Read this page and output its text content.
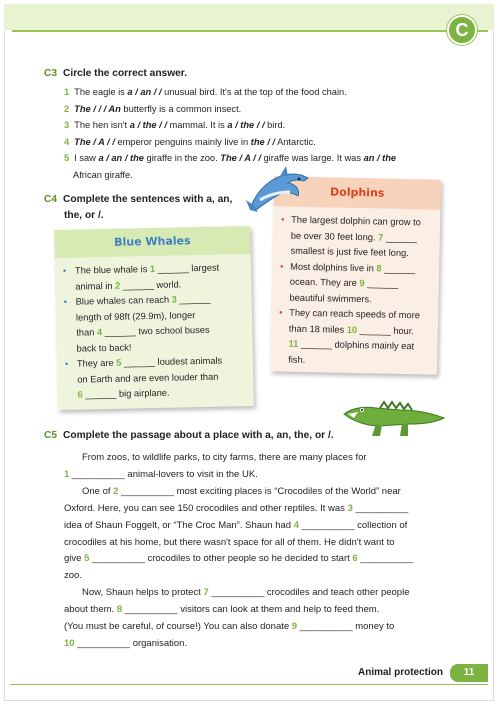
C
C3 Circle the correct answer.
1 The eagle is a / an / / unusual bird. It's at the top of the food chain.
2 The / / / An butterfly is a common insect.
3 The hen isn't a / the / / mammal. It is a / the / / bird.
4 The / A / / emperor penguins mainly live in the / / Antarctic.
5 I saw a / an / the giraffe in the zoo. The / A / / giraffe was large. It was an / the
African giraffe.
C4 Complete the sentences with a, an,
the, or /.
Blue Whales
• The blue whale is 1 ______ largest
animal in 2 ______ world.
• Blue whales can reach 3 ______
length of 98ft (29.9m), longer
than 4 ______ two school buses
back to back!
• They are 5 ______ loudest animals
on Earth and are even louder than
6 ______ big airplane.
Dolphins
• The largest dolphin can grow to
be over 30 feet long. 7 ______
smallest is just five feet long.
• Most dolphins live in 8 ______
ocean. They are 9 ______
beautiful swimmers.
• They can reach speeds of more
than 18 miles 10 ______ hour.
11 ______ dolphins mainly eat
fish.
C5 Complete the passage about a place with a, an, the, or /.
From zoos, to wildlife parks, to city farms, there are many places for
1 __________ animal-lovers to visit in the UK.
One of 2 __________ most exciting places is “Crocodiles of the World” near
Oxford. Here, you can see 150 crocodiles and other reptiles. It was 3 __________
idea of Shaun Foggelt, or “The Croc Man”. Shaun had 4 __________ collection of
crocodiles at his home, but there wasn't space for all of them. He didn't want to
give 5 __________ crocodiles to other people so he decided to start 6 __________
zoo.
Now, Shaun helps to protect 7 __________ crocodiles and teach other people
about them. 8 __________ visitors can look at them and help to feed them.
(You must be careful, of course!) You can also donate 9 __________ money to
10 __________ organisation.
Animal protection	11
